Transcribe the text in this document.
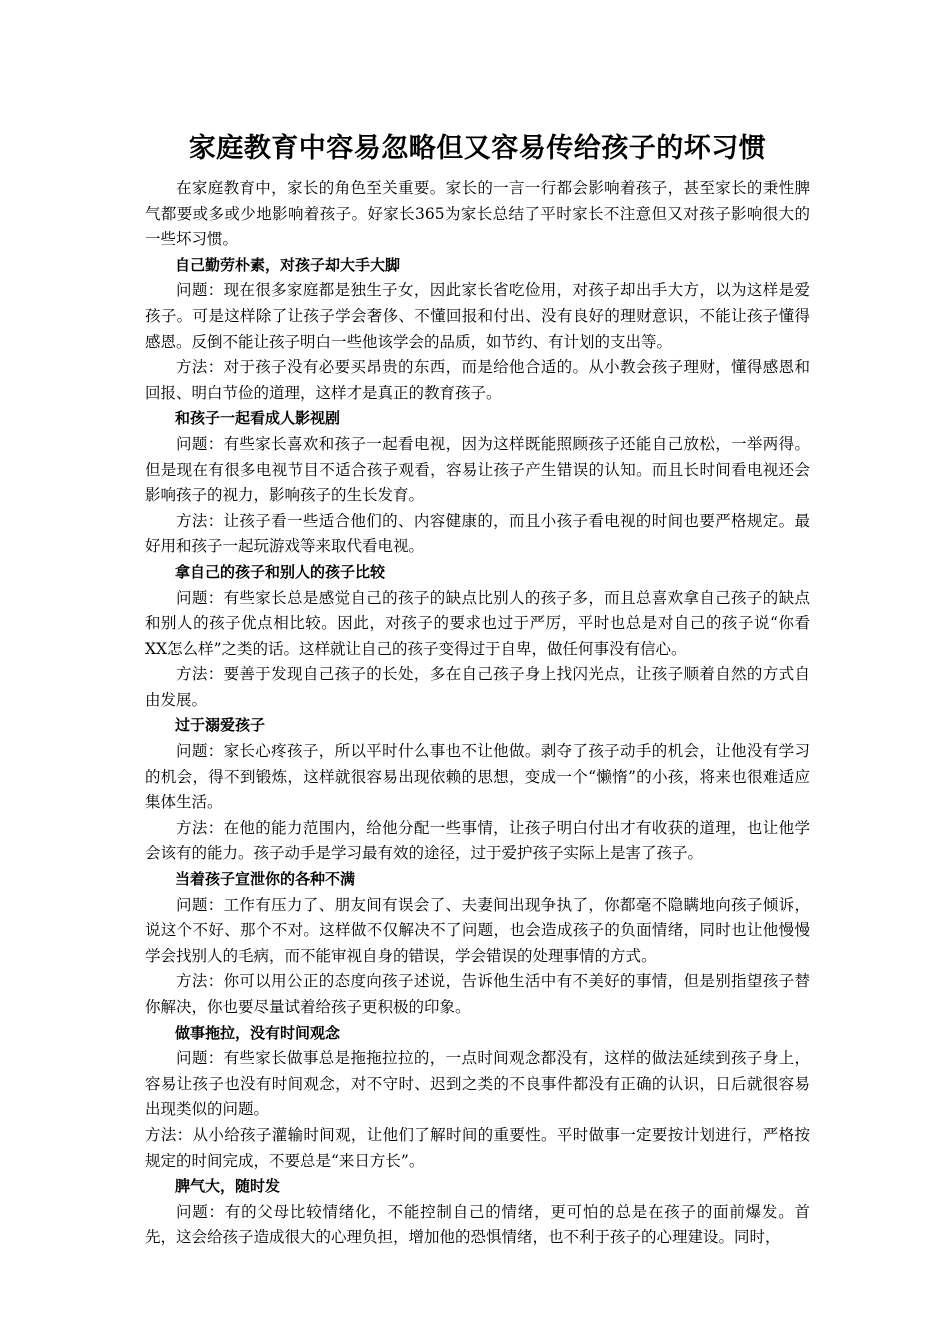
家庭教育中容易忽略但又容易传给孩子的坏习惯

在家庭教育中，家长的角色至关重要。家长的一言一行都会影响着孩子，甚至家长的秉性脾气都要或多或少地影响着孩子。好家长365为家长总结了平时家长不注意但又对孩子影响很大的一些坏习惯。

自己勤劳朴素，对孩子却大手大脚

问题：现在很多家庭都是独生子女，因此家长省吃俭用，对孩子却出手大方，以为这样是爱孩子。可是这样除了让孩子学会奢侈、不懂回报和付出、没有良好的理财意识，不能让孩子懂得感恩。反倒不能让孩子明白一些他该学会的品质，如节约、有计划的支出等。

方法：对于孩子没有必要买昂贵的东西，而是给他合适的。从小教会孩子理财，懂得感恩和回报、明白节俭的道理，这样才是真正的教育孩子。

和孩子一起看成人影视剧

问题：有些家长喜欢和孩子一起看电视，因为这样既能照顾孩子还能自己放松，一举两得。但是现在有很多电视节目不适合孩子观看，容易让孩子产生错误的认知。而且长时间看电视还会影响孩子的视力，影响孩子的生长发育。

方法：让孩子看一些适合他们的、内容健康的，而且小孩子看电视的时间也要严格规定。最好用和孩子一起玩游戏等来取代看电视。

拿自己的孩子和别人的孩子比较

问题：有些家长总是感觉自己的孩子的缺点比别人的孩子多，而且总喜欢拿自己孩子的缺点和别人的孩子优点相比较。因此，对孩子的要求也过于严厉，平时也总是对自己的孩子说“你看XX怎么样”之类的话。这样就让自己的孩子变得过于自卑，做任何事没有信心。

方法：要善于发现自己孩子的长处，多在自己孩子身上找闪光点，让孩子顺着自然的方式自由发展。

过于溺爱孩子

问题：家长心疼孩子，所以平时什么事也不让他做。剥夺了孩子动手的机会，让他没有学习的机会，得不到锻炼，这样就很容易出现依赖的思想，变成一个“懒惰”的小孩，将来也很难适应集体生活。

方法：在他的能力范围内，给他分配一些事情，让孩子明白付出才有收获的道理，也让他学会该有的能力。孩子动手是学习最有效的途径，过于爱护孩子实际上是害了孩子。

当着孩子宣泄你的各种不满

问题：工作有压力了、朋友间有误会了、夫妻间出现争执了，你都毫不隐瞒地向孩子倾诉，说这个不好、那个不对。这样做不仅解决不了问题，也会造成孩子的负面情绪，同时也让他慢慢学会找别人的毛病，而不能审视自身的错误，学会错误的处理事情的方式。

方法：你可以用公正的态度向孩子述说，告诉他生活中有不美好的事情，但是别指望孩子替你解决，你也要尽量试着给孩子更积极的印象。

做事拖拉，没有时间观念

问题：有些家长做事总是拖拖拉拉的，一点时间观念都没有，这样的做法延续到孩子身上，容易让孩子也没有时间观念，对不守时、迟到之类的不良事件都没有正确的认识，日后就很容易出现类似的问题。

方法：从小给孩子灌输时间观，让他们了解时间的重要性。平时做事一定要按计划进行，严格按规定的时间完成，不要总是“来日方长”。

脾气大，随时发

问题：有的父母比较情绪化，不能控制自己的情绪，更可怕的总是在孩子的面前爆发。首先，这会给孩子造成很大的心理负担，增加他的恐惧情绪，也不利于孩子的心理建设。同时，
